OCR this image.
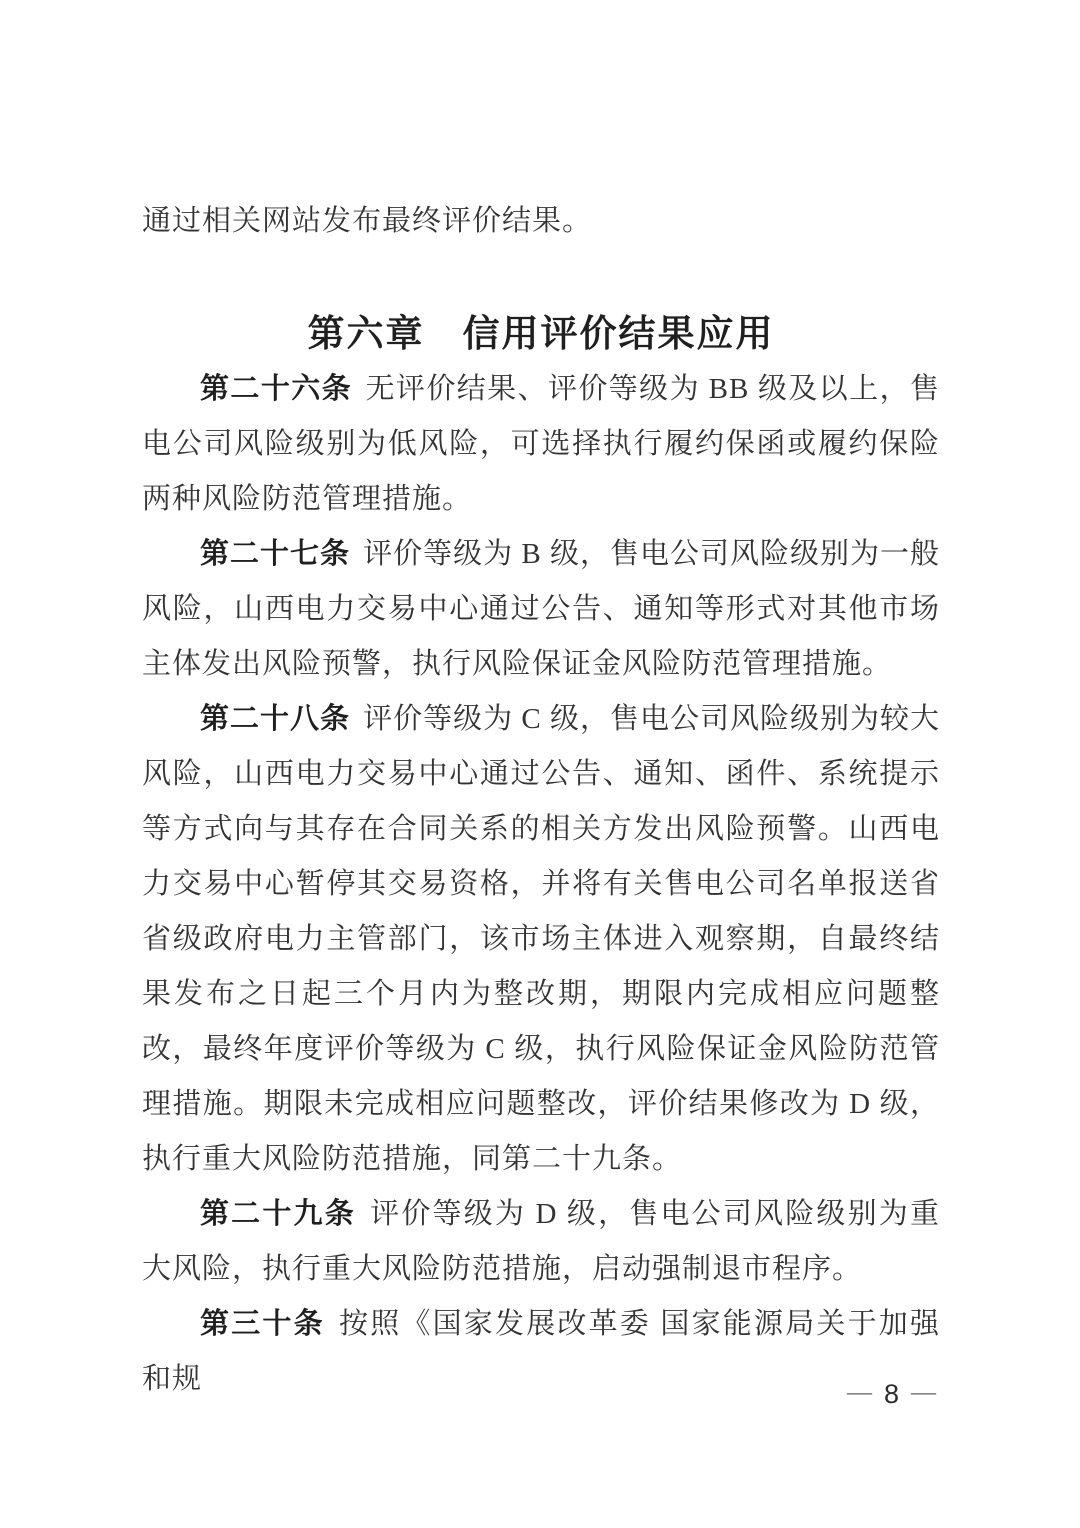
通过相关网站发布最终评价结果。

第六章 信用评价结果应用

第二十六条 无评价结果、评价等级为 BB 级及以上，售电公司风险级别为低风险，可选择执行履约保函或履约保险两种风险防范管理措施。

第二十七条 评价等级为 B 级，售电公司风险级别为一般风险，山西电力交易中心通过公告、通知等形式对其他市场主体发出风险预警，执行风险保证金风险防范管理措施。

第二十八条 评价等级为 C 级，售电公司风险级别为较大风险，山西电力交易中心通过公告、通知、函件、系统提示等方式向与其存在合同关系的相关方发出风险预警。山西电力交易中心暂停其交易资格，并将有关售电公司名单报送省省级政府电力主管部门，该市场主体进入观察期，自最终结果发布之日起三个月内为整改期，期限内完成相应问题整改，最终年度评价等级为 C 级，执行风险保证金风险防范管理措施。期限未完成相应问题整改，评价结果修改为 D 级，执行重大风险防范措施，同第二十九条。

第二十九条 评价等级为 D 级，售电公司风险级别为重大风险，执行重大风险防范措施，启动强制退市程序。

第三十条 按照《国家发展改革委 国家能源局关于加强和规	— 8 —
